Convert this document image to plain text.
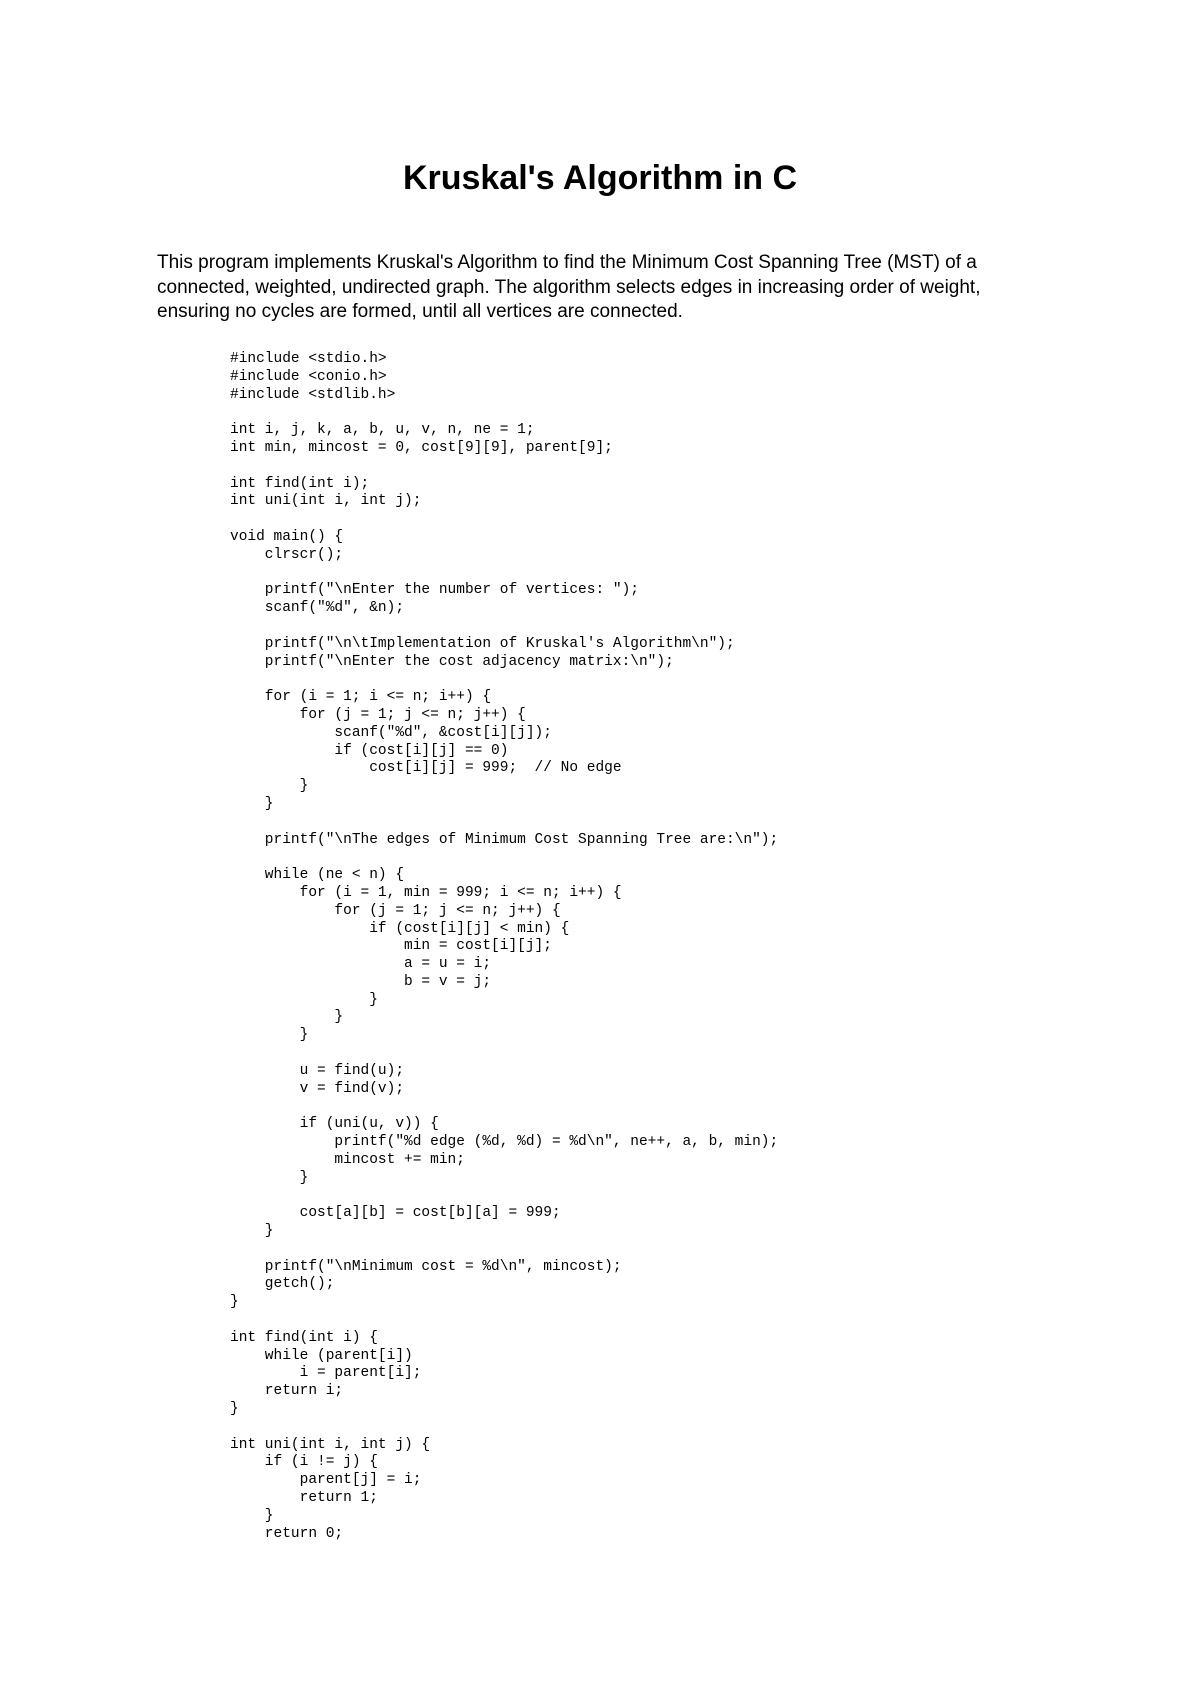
Kruskal's Algorithm in C

This program implements Kruskal's Algorithm to find the Minimum Cost Spanning Tree (MST) of a connected, weighted, undirected graph. The algorithm selects edges in increasing order of weight, ensuring no cycles are formed, until all vertices are connected.

#include <stdio.h>
#include <conio.h>
#include <stdlib.h>

int i, j, k, a, b, u, v, n, ne = 1;
int min, mincost = 0, cost[9][9], parent[9];

int find(int i);
int uni(int i, int j);

void main() {
clrscr();

printf("\nEnter the number of vertices: ");
scanf("%d", &n);

printf("\n\tImplementation of Kruskal's Algorithm\n");
printf("\nEnter the cost adjacency matrix:\n");

for (i = 1; i <= n; i++) {
for (j = 1; j <= n; j++) {
scanf("%d", &cost[i][j]);
if (cost[i][j] == 0)
cost[i][j] = 999;  // No edge
}
}

printf("\nThe edges of Minimum Cost Spanning Tree are:\n");

while (ne < n) {
for (i = 1, min = 999; i <= n; i++) {
for (j = 1; j <= n; j++) {
if (cost[i][j] < min) {
min = cost[i][j];
a = u = i;
b = v = j;
}
}
}

u = find(u);
v = find(v);

if (uni(u, v)) {
printf("%d edge (%d, %d) = %d\n", ne++, a, b, min);
mincost += min;
}

cost[a][b] = cost[b][a] = 999;
}

printf("\nMinimum cost = %d\n", mincost);
getch();
}

int find(int i) {
while (parent[i])
i = parent[i];
return i;
}

int uni(int i, int j) {
if (i != j) {
parent[j] = i;
return 1;
}
return 0;
